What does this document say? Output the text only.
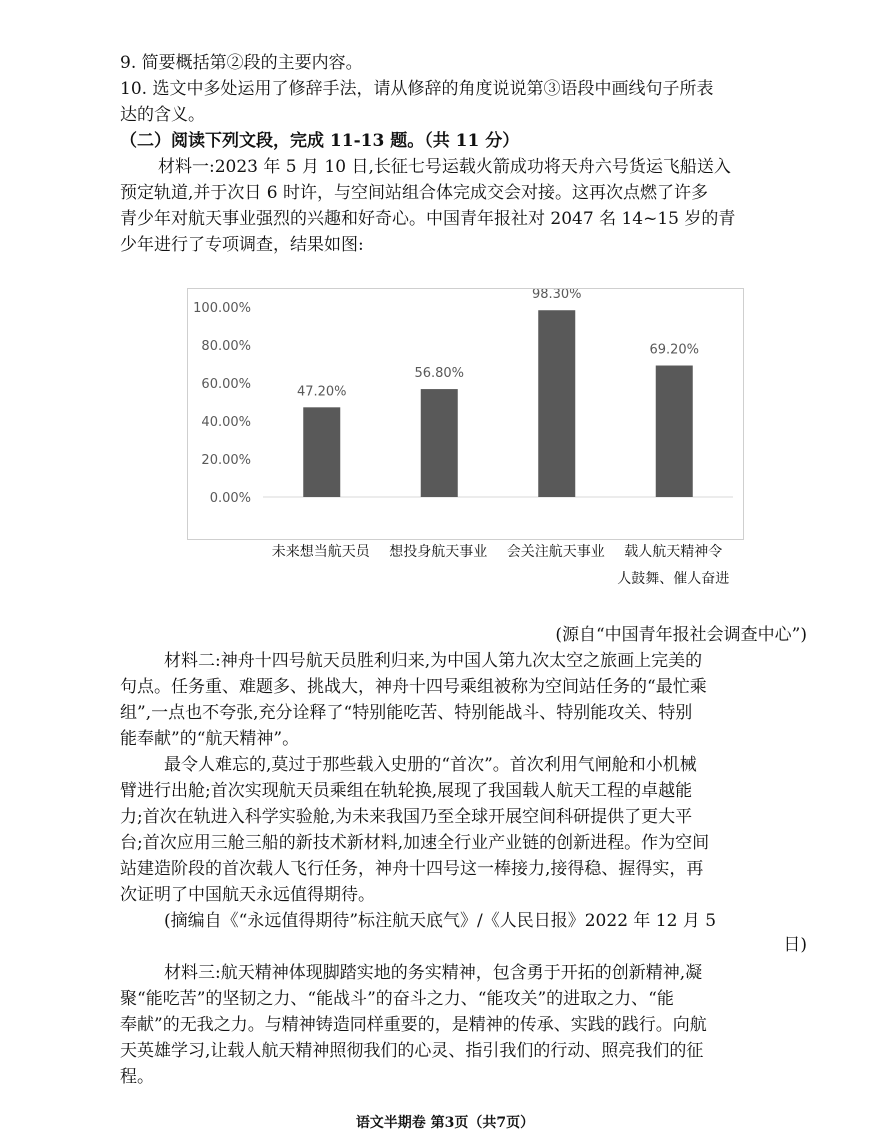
9. 简要概括第②段的主要内容。
10. 选文中多处运用了修辞手法，请从修辞的角度说说第③语段中画线句子所表
达的含义。
（二）阅读下列文段，完成 11-13 题。（共 11 分）
材料一:2023 年 5 月 10 日,长征七号运载火箭成功将天舟六号货运飞船送入
预定轨道,并于次日 6 时许，与空间站组合体完成交会对接。这再次点燃了许多
青少年对航天事业强烈的兴趣和好奇心。中国青年报社对 2047 名 14~15 岁的青
少年进行了专项调查，结果如图:
0.00%
20.00%
40.00%
60.00%
80.00%
100.00%
47.20%
56.80%
98.30%
69.20%
未来想当航天员	想投身航天事业	会关注航天事业	载人航天精神令
人鼓舞、催人奋进
(源自“中国青年报社会调查中心”)
材料二:神舟十四号航天员胜利归来,为中国人第九次太空之旅画上完美的
句点。任务重、难题多、挑战大，神舟十四号乘组被称为空间站任务的“最忙乘
组”,一点也不夸张,充分诠释了“特别能吃苦、特别能战斗、特别能攻关、特别
能奉献”的“航天精神”。
最令人难忘的,莫过于那些载入史册的“首次”。首次利用气闸舱和小机械
臂进行出舱;首次实现航天员乘组在轨轮换,展现了我国载人航天工程的卓越能
力;首次在轨进入科学实验舱,为未来我国乃至全球开展空间科研提供了更大平
台;首次应用三舱三船的新技术新材料,加速全行业产业链的创新进程。作为空间
站建造阶段的首次载人飞行任务，神舟十四号这一棒接力,接得稳、握得实，再
次证明了中国航天永远值得期待。
(摘编自《“永远值得期待”标注航天底气》/《人民日报》2022 年 12 月 5
日)
材料三:航天精神体现脚踏实地的务实精神，包含勇于开拓的创新精神,凝
聚“能吃苦”的坚韧之力、“能战斗”的奋斗之力、“能攻关”的进取之力、“能
奉献”的无我之力。与精神铸造同样重要的，是精神的传承、实践的践行。向航
天英雄学习,让载人航天精神照彻我们的心灵、指引我们的行动、照亮我们的征
程。
语文半期卷 第3页（共7页）
